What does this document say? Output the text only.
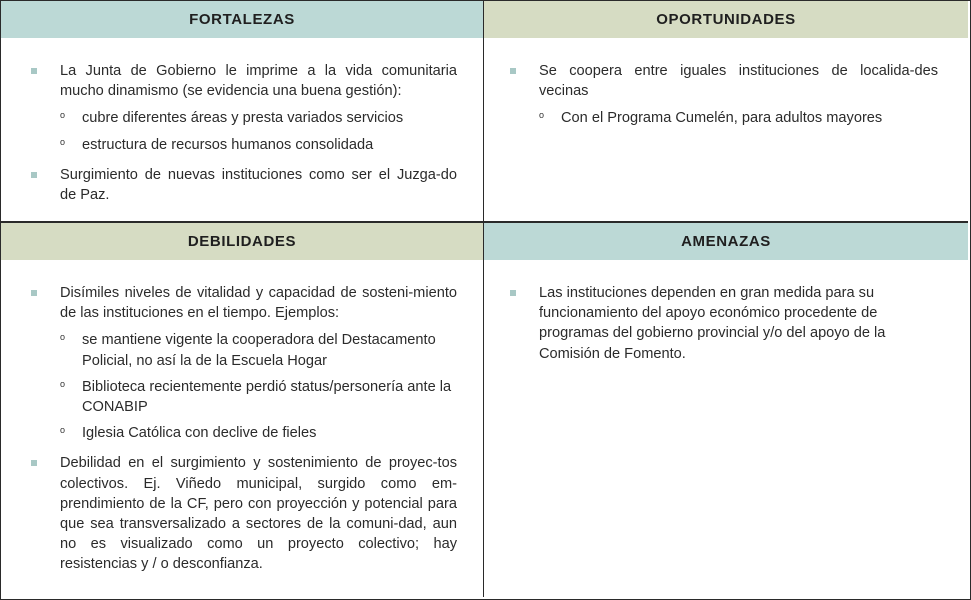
FORTALEZAS
La Junta de Gobierno le imprime a la vida comunitaria mucho dinamismo (se evidencia una buena gestión):
o cubre diferentes áreas y presta variados servicios
o estructura de recursos humanos consolidada
Surgimiento de nuevas instituciones como ser el Juzga-do de Paz.
OPORTUNIDADES
Se coopera entre iguales instituciones de localida-des vecinas
o Con el Programa Cumelén, para adultos mayores
DEBILIDADES
Disímiles niveles de vitalidad y capacidad de sosteni-miento de las instituciones en el tiempo. Ejemplos:
o se mantiene vigente la cooperadora del Destacamento Policial, no así la de la Escuela Hogar
o Biblioteca recientemente perdió status/personería ante la CONABIP
o Iglesia Católica con declive de fieles
Debilidad en el surgimiento y sostenimiento de proyec-tos colectivos. Ej. Viñedo municipal, surgido como em-prendimiento de la CF, pero con proyección y potencial para que sea transversalizado a sectores de la comuni-dad, aun no es visualizado como un proyecto colectivo; hay resistencias y / o desconfianza.
AMENAZAS
Las instituciones dependen en gran medida para su funcionamiento del apoyo económico procedente de programas del gobierno provincial y/o del apoyo de la Comisión de Fomento.
